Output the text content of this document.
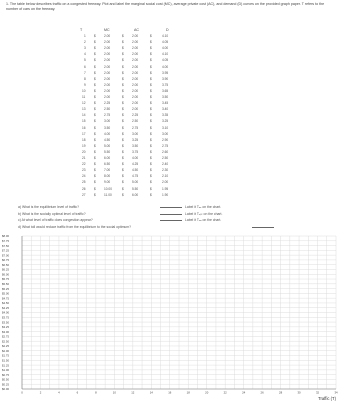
1. The table below describes traffic on a congested freeway. Plot and label the marginal social cost (MC), average private cost (AC), and demand (D) curves on the provided graph paper. T refers to the number of cars on the freeway.
T	MC	AC	D
1	$	2.00	$	2.00	$	4.10
2	$	2.00	$	2.00	$	4.05
3	$	2.00	$	2.00	$	4.00
4	$	2.00	$	2.00	$	4.10
5	$	2.00	$	2.00	$	4.05
6	$	2.00	$	2.00	$	4.00
7	$	2.00	$	2.00	$	3.95
8	$	2.00	$	2.00	$	3.90
9	$	2.00	$	2.00	$	3.75
10	$	2.00	$	2.00	$	3.65
11	$	2.00	$	2.00	$	3.50
12	$	2.25	$	2.00	$	3.45
13	$	2.50	$	2.00	$	3.40
14	$	2.75	$	2.25	$	3.35
15	$	3.00	$	2.50	$	3.25
16	$	3.50	$	2.75	$	3.10
17	$	4.00	$	3.00	$	3.00
18	$	4.50	$	3.25	$	2.90
19	$	5.00	$	3.50	$	2.75
20	$	5.50	$	3.75	$	2.60
21	$	6.00	$	4.00	$	2.50
22	$	6.50	$	4.25	$	2.40
23	$	7.00	$	4.50	$	2.30
24	$	8.00	$	4.75	$	2.10
25	$	9.00	$	5.00	$	2.00
26	$	10.00	$	5.50	$	1.95
27	$	11.00	$	6.00	$	1.90
a) What is the equilibrium level of traffic?	Label it Tₑₑ on the chart.
b) What is the socially optimal level of traffic?	Label it Tₒₚₜ on the chart.
c) At what level of traffic does congestion appear?	Label it Tₒₙ on the chart.
d) What toll would reduce traffic from the equilibrium to the social optimum?
$8.00
$7.75
$7.50
$7.25
$7.00
$6.75
$6.50
$6.25
$6.00
$5.75
$5.50
$5.25
$5.00
$4.75
$4.50
$4.25
$4.00
$3.75
$3.50
$3.25
$3.00
$2.75
$2.50
$2.25
$2.00
$1.75
$1.50
$1.25
$1.00
$0.75
$0.50
$0.25
$0.00
0	2	4	6	8	10	12	14	16	18	20	22	24	26	28	30	32	34
Traffic (T)
